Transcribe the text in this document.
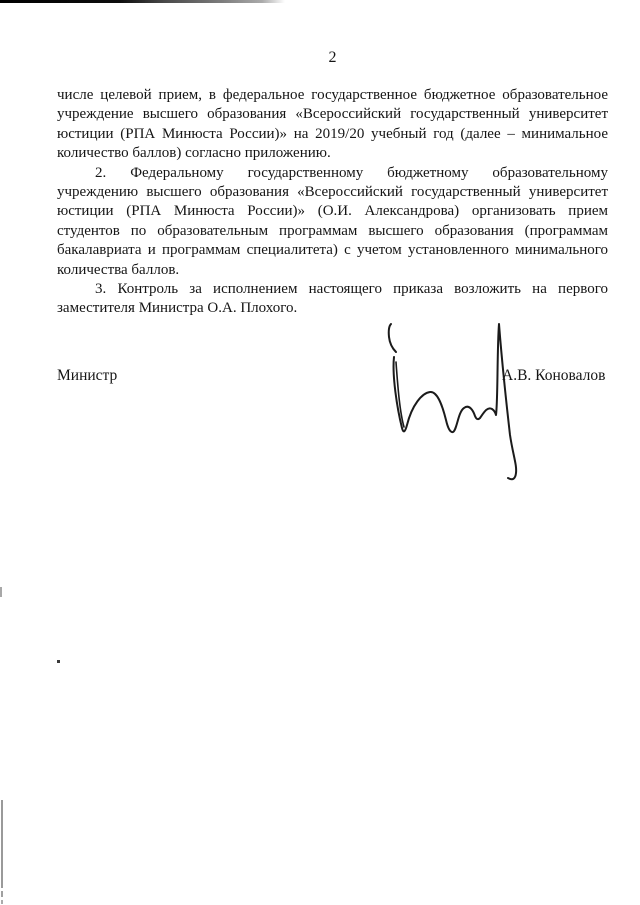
2

числе целевой прием, в федеральное государственное бюджетное образовательное учреждение высшего образования «Всероссийский государственный университет юстиции (РПА Минюста России)» на 2019/20 учебный год (далее – минимальное количество баллов) согласно приложению.

2. Федеральному государственному бюджетному образовательному учреждению высшего образования «Всероссийский государственный университет юстиции (РПА Минюста России)» (О.И. Александрова) организовать прием студентов по образовательным программам высшего образования (программам бакалавриата и программам специалитета) с учетом установленного минимального количества баллов.

3. Контроль за исполнением настоящего приказа возложить на первого заместителя Министра О.А. Плохого.

Министр	А.В. Коновалов
